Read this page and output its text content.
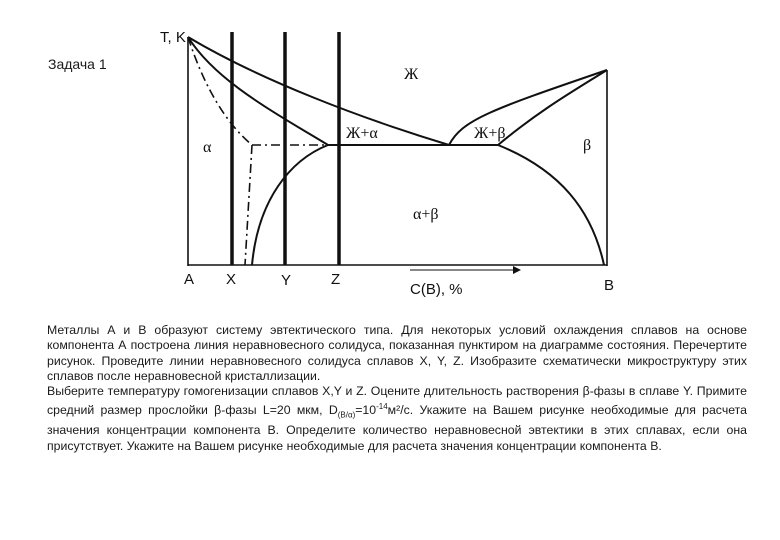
Задача 1
T, K
A	B
X	Y	Z
C(B), %
Ж
Ж+α	Ж+β
α	β
α+β

Металлы А и В образуют систему эвтектического типа. Для некоторых условий охлаждения сплавов на основе компонента А построена линия неравновесного солидуса, показанная пунктиром на диаграмме состояния. Перечертите рисунок. Проведите линии неравновесного солидуса сплавов X, Y, Z. Изобразите схематически микроструктуру этих сплавов после неравновесной кристаллизации.

Выберите температуру гомогенизации сплавов X,Y и Z. Оцените длительность растворения β-фазы в сплаве Y. Примите средний размер прослойки β-фазы L=20 мкм, $D_{(B/\alpha)}=10^{-14}м^2/с$. Укажите на Вашем рисунке необходимые для расчета значения концентрации компонента В. Определите количество неравновесной эвтектики в этих сплавах, если она присутствует. Укажите на Вашем рисунке необходимые для расчета значения концентрации компонента В.
